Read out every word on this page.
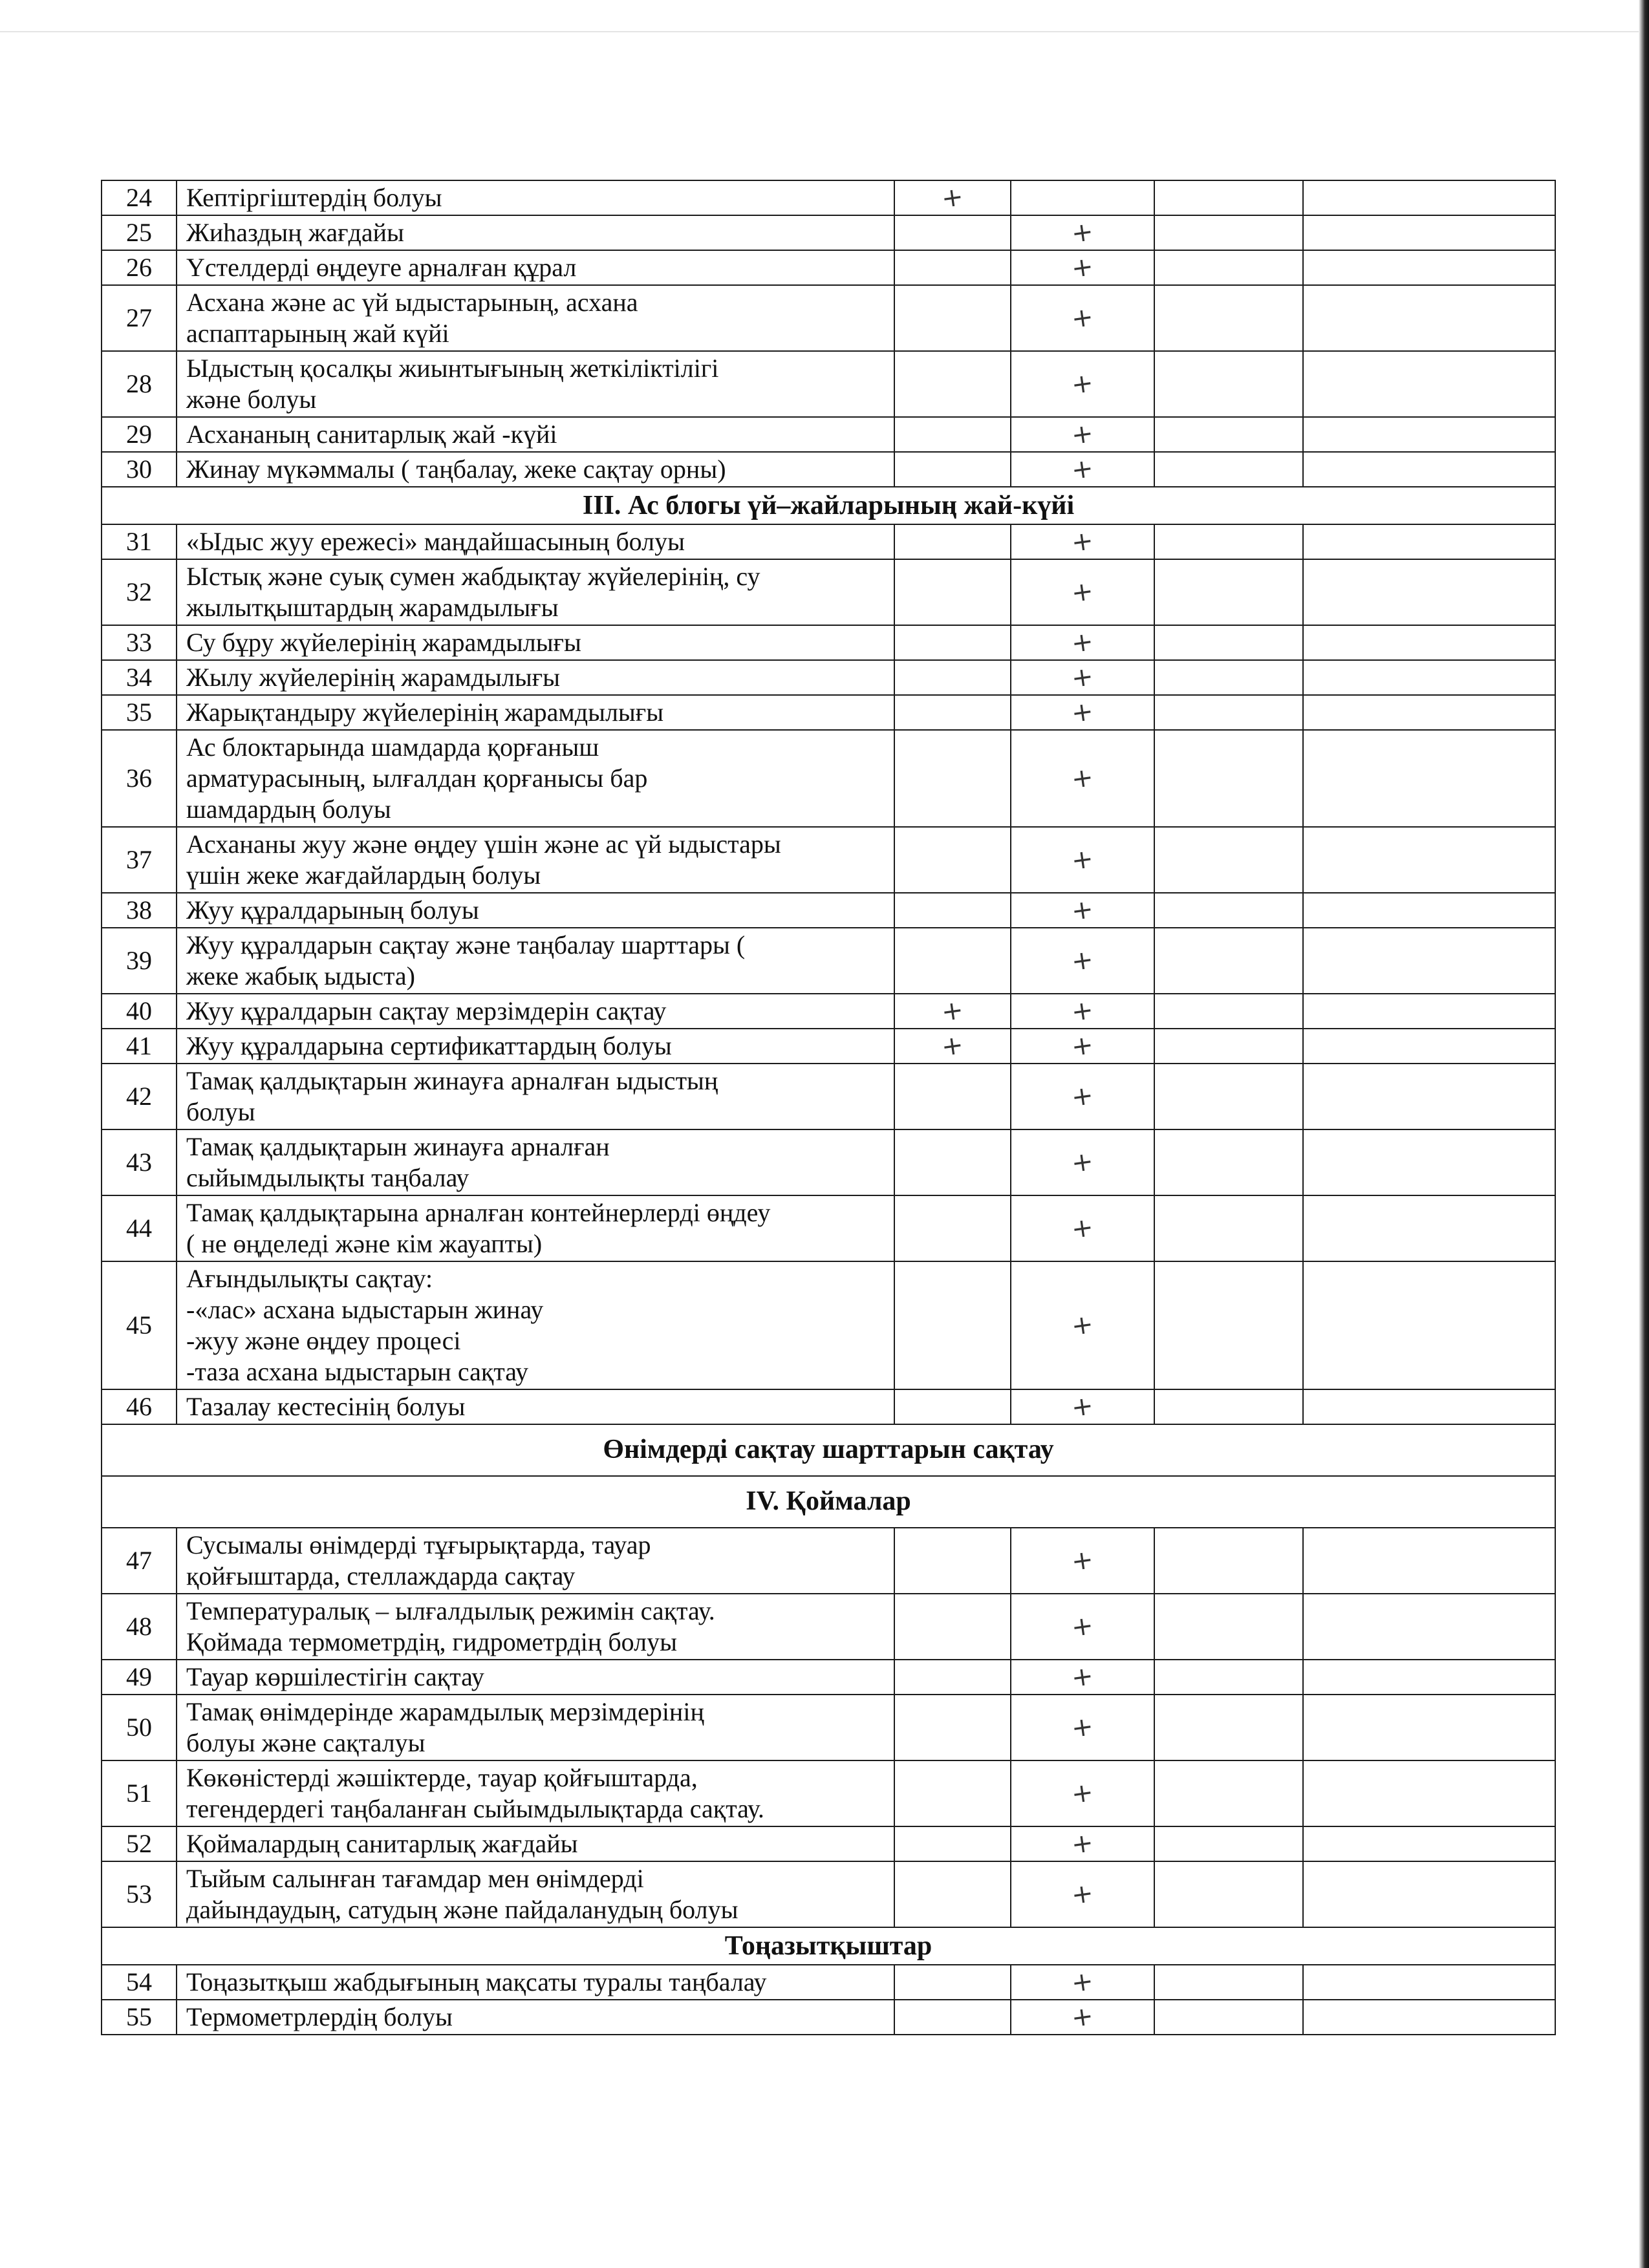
24	Кептіргіштердің болуы	+			
25	Жиһаздың жағдайы		+		
26	Үстелдерді өңдеуге арналған құрал		+		
27	Асхана және ас үй ыдыстарының, асхана
аспаптарының жай күйі		+		
28	Ыдыстың қосалқы жиынтығының жеткіліктілігі
және болуы		+		
29	Асхананың санитарлық жай -күйі		+		
30	Жинау мүкәммалы ( таңбалау, жеке сақтау орны)		+		
III. Ас блогы үй–жайларының жай-күйі					
31	«Ыдыс жуу ережесі» маңдайшасының болуы		+		
32	Ыстық және суық сумен жабдықтау жүйелерінің, су
жылытқыштардың жарамдылығы		+		
33	Су бұру жүйелерінің жарамдылығы		+		
34	Жылу жүйелерінің жарамдылығы		+		
35	Жарықтандыру жүйелерінің жарамдылығы		+		
36	Ас блоктарында шамдарда қорғаныш
арматурасының, ылғалдан қорғанысы бар
шамдардың болуы		+		
37	Асхананы жуу және өңдеу үшін және ас үй ыдыстары
үшін жеке жағдайлардың болуы		+		
38	Жуу құралдарының болуы		+		
39	Жуу құралдарын сақтау және таңбалау шарттары (
жеке жабық ыдыста)		+		
40	Жуу құралдарын сақтау мерзімдерін сақтау	+	+		
41	Жуу құралдарына сертификаттардың болуы	+	+		
42	Тамақ қалдықтарын жинауға арналған ыдыстың
болуы		+		
43	Тамақ қалдықтарын жинауға арналған
сыйымдылықты таңбалау		+		
44	Тамақ қалдықтарына арналған контейнерлерді өңдеу
( не өңделеді және кім жауапты)		+		
45	Ағындылықты сақтау:
-«лас» асхана ыдыстарын жинау
-жуу және өңдеу процесі
-таза асхана ыдыстарын сақтау		+		
46	Тазалау кестесінің болуы		+		
Өнімдерді сақтау шарттарын сақтау					
IV. Қоймалар					
47	Сусымалы өнімдерді тұғырықтарда, тауар
қойғыштарда, стеллаждарда сақтау		+		
48	Температуралық – ылғалдылық режимін сақтау.
Қоймада термометрдің, гидрометрдің болуы		+		
49	Тауар көршілестігін сақтау		+		
50	Тамақ өнімдерінде жарамдылық мерзімдерінің
болуы және сақталуы		+		
51	Көкөністерді жәшіктерде, тауар қойғыштарда,
тегендердегі таңбаланған сыйымдылықтарда сақтау.		+		
52	Қоймалардың санитарлық жағдайы		+		
53	Тыйым салынған тағамдар мен өнімдерді
дайындаудың, сатудың және пайдаланудың болуы		+		
Тоңазытқыштар					
54	Тоңазытқыш жабдығының мақсаты туралы таңбалау		+		
55	Термометрлердің болуы		+		
